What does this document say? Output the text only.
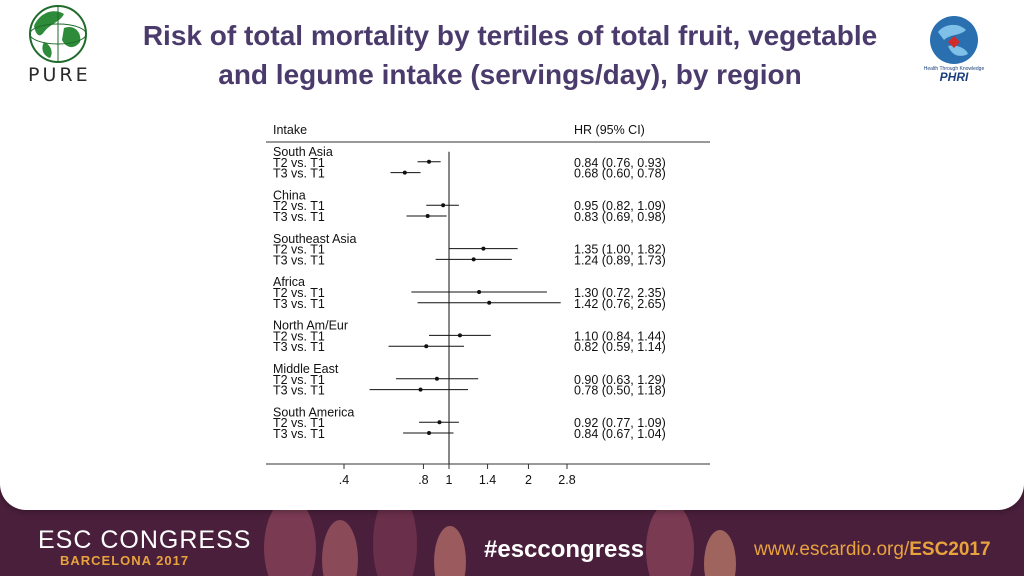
PURE	Health Through Knowledge
PHRI
Risk of total mortality by tertiles of total fruit, vegetable
and legume intake (servings/day), by region
Intake	HR (95% CI)
South Asia
T2 vs. T1	0.84 (0.76, 0.93)
T3 vs. T1	0.68 (0.60, 0.78)
China
T2 vs. T1	0.95 (0.82, 1.09)
T3 vs. T1	0.83 (0.69, 0.98)
Southeast Asia
T2 vs. T1	1.35 (1.00, 1.82)
T3 vs. T1	1.24 (0.89, 1.73)
Africa
T2 vs. T1	1.30 (0.72, 2.35)
T3 vs. T1	1.42 (0.76, 2.65)
North Am/Eur
T2 vs. T1	1.10 (0.84, 1.44)
T3 vs. T1	0.82 (0.59, 1.14)
Middle East
T2 vs. T1	0.90 (0.63, 1.29)
T3 vs. T1	0.78 (0.50, 1.18)
South America
T2 vs. T1	0.92 (0.77, 1.09)
T3 vs. T1	0.84 (0.67, 1.04)
.4	.8 1 1.4 2 2.8
ESC CONGRESS
BARCELONA 2017	#esccongress	www.escardio.org/ESC2017
